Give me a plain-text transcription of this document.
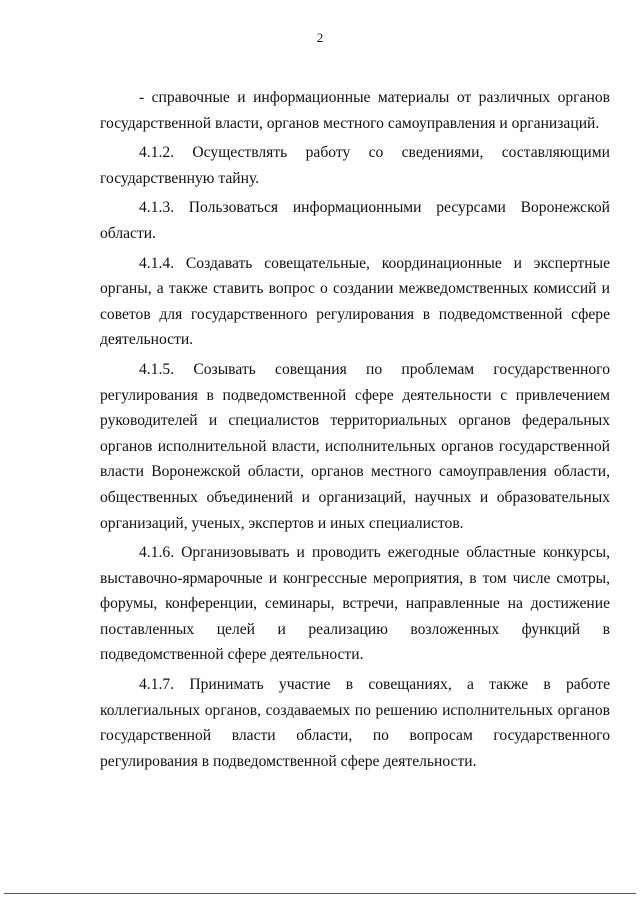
2

- справочные и информационные материалы от различных органов государственной власти, органов местного самоуправления и организаций.

4.1.2. Осуществлять работу со сведениями, составляющими государственную тайну.

4.1.3. Пользоваться информационными ресурсами Воронежской области.

4.1.4. Создавать совещательные, координационные и экспертные органы, а также ставить вопрос о создании межведомственных комиссий и советов для государственного регулирования в подведомственной сфере деятельности.

4.1.5. Созывать совещания по проблемам государственного регулирования в подведомственной сфере деятельности с привлечением руководителей и специалистов территориальных органов федеральных органов исполнительной власти, исполнительных органов государственной власти Воронежской области, органов местного самоуправления области, общественных объединений и организаций, научных и образовательных организаций, ученых, экспертов и иных специалистов.

4.1.6. Организовывать и проводить ежегодные областные конкурсы, выставочно-ярмарочные и конгрессные мероприятия, в том числе смотры, форумы, конференции, семинары, встречи, направленные на достижение поставленных целей и реализацию возложенных функций в подведомственной сфере деятельности.

4.1.7. Принимать участие в совещаниях, а также в работе коллегиальных органов, создаваемых по решению исполнительных органов государственной власти области, по вопросам государственного регулирования в подведомственной сфере деятельности.
